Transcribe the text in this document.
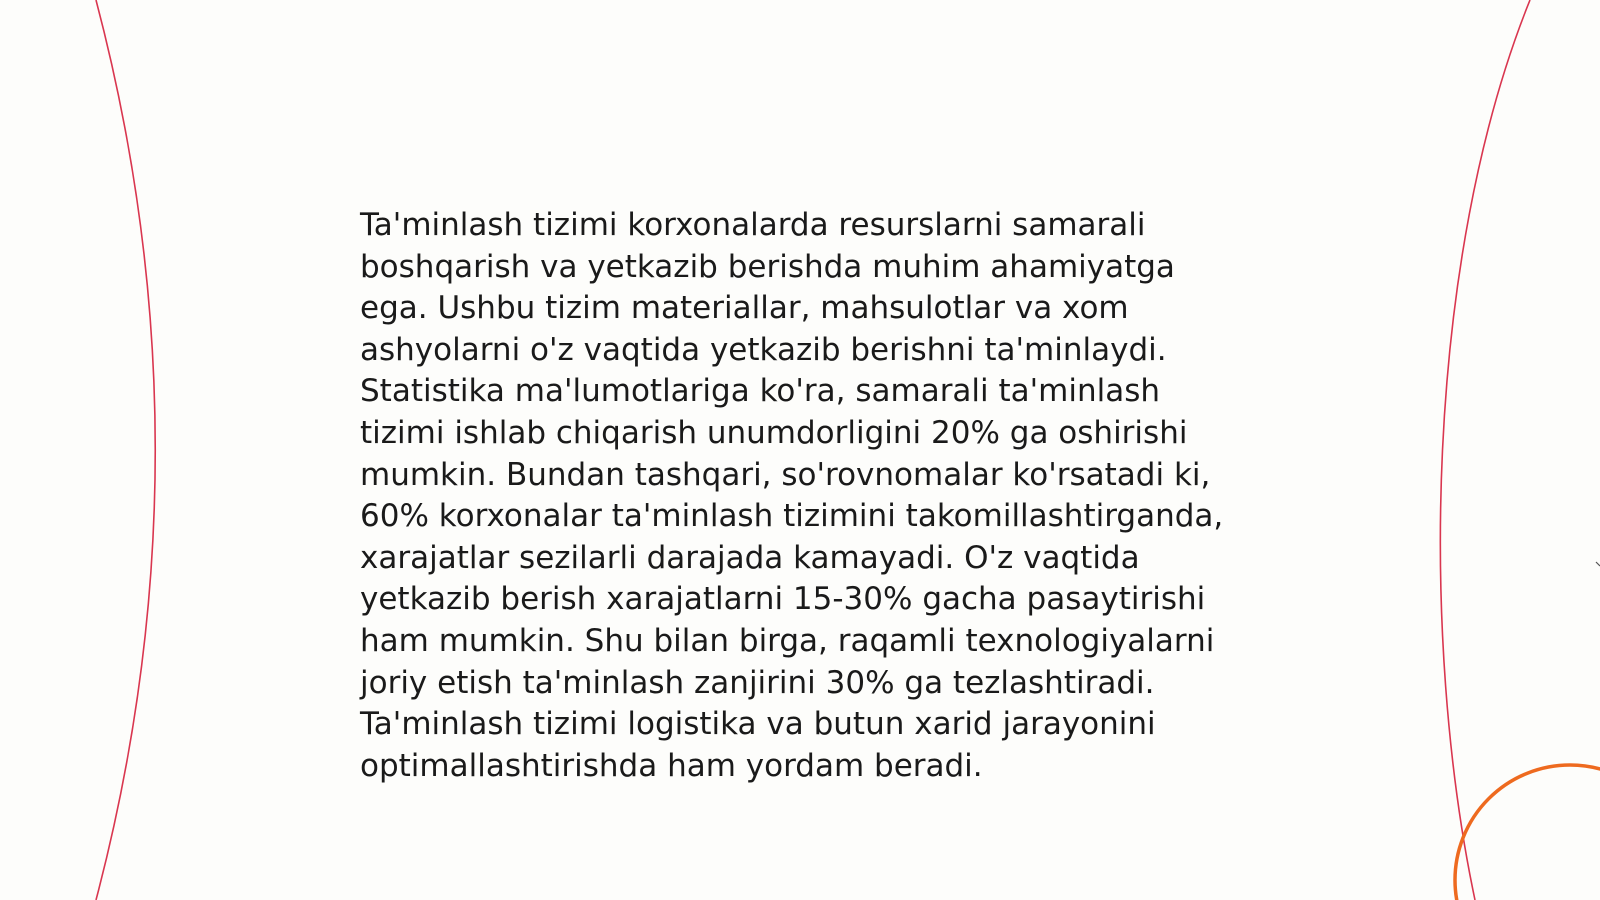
Ta'minlash tizimi korxonalarda resurslarni samarali boshqarish va yetkazib berishda muhim ahamiyatga ega. Ushbu tizim materiallar, mahsulotlar va xom ashyolarni o'z vaqtida yetkazib berishni ta'minlaydi. Statistika ma'lumotlariga ko'ra, samarali ta'minlash tizimi ishlab chiqarish unumdorligini 20% ga oshirishi mumkin. Bundan tashqari, so'rovnomalar ko'rsatadi ki, 60% korxonalar ta'minlash tizimini takomillashtirganda, xarajatlar sezilarli darajada kamayadi. O'z vaqtida yetkazib berish xarajatlarni 15-30% gacha pasaytirishi ham mumkin. Shu bilan birga, raqamli texnologiyalarni joriy etish ta'minlash zanjirini 30% ga tezlashtiradi. Ta'minlash tizimi logistika va butun xarid jarayonini optimallashtirishda ham yordam beradi.
